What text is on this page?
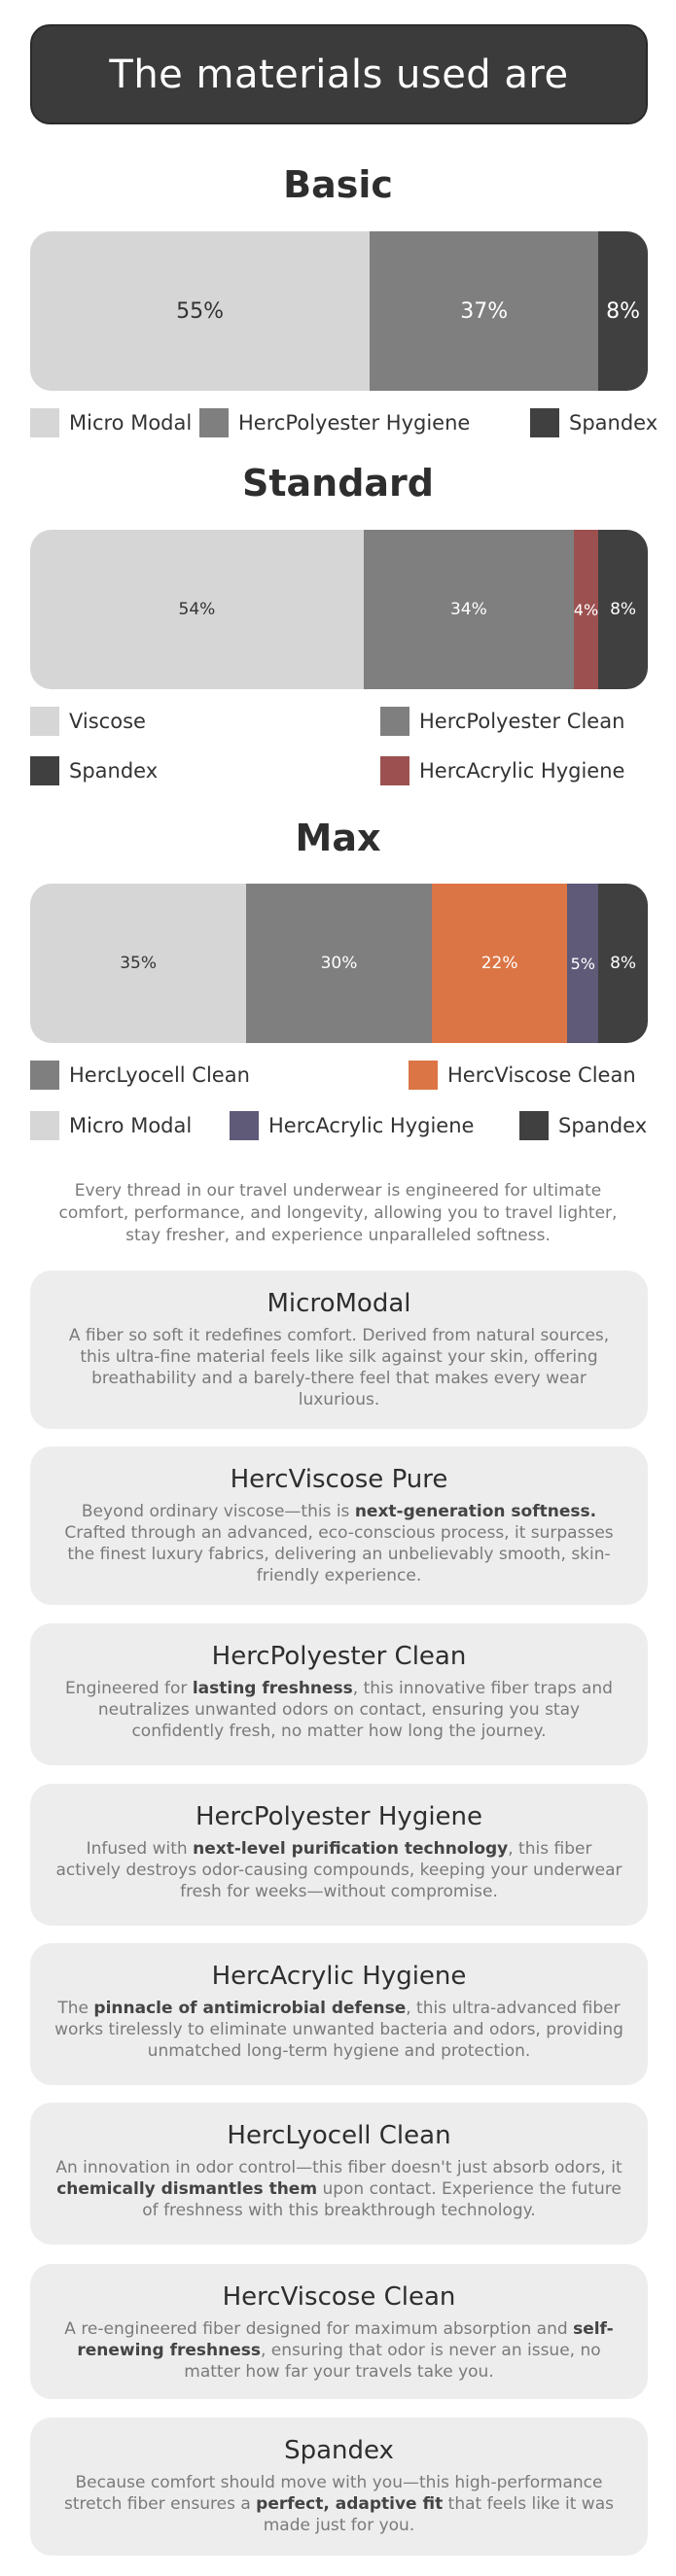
The materials used are
Basic
55%	37%	8%
Micro Modal HercPolyester Hygiene	Spandex
Standard
54%	34%	4% 8%
Viscose	HercPolyester Clean
Spandex	HercAcrylic Hygiene
Max
35%	30%	22%	5% 8%
HercLyocell Clean	HercViscose Clean
Micro Modal	HercAcrylic Hygiene	Spandex
Every thread in our travel underwear is engineered for ultimate comfort, performance, and longevity, allowing you to travel lighter, stay fresher, and experience unparalleled softness.
MicroModal

A fiber so soft it redefines comfort. Derived from natural sources, this ultra-fine material feels like silk against your skin, offering breathability and a barely-there feel that makes every wear luxurious.

HercViscose Pure

Beyond ordinary viscose—this is next-generation softness. Crafted through an advanced, eco-conscious process, it surpasses the finest luxury fabrics, delivering an unbelievably smooth, skin-friendly experience.

HercPolyester Clean

Engineered for lasting freshness, this innovative fiber traps and neutralizes unwanted odors on contact, ensuring you stay confidently fresh, no matter how long the journey.

HercPolyester Hygiene

Infused with next-level purification technology, this fiber actively destroys odor-causing compounds, keeping your underwear fresh for weeks—without compromise.

HercAcrylic Hygiene

The pinnacle of antimicrobial defense, this ultra-advanced fiber works tirelessly to eliminate unwanted bacteria and odors, providing unmatched long-term hygiene and protection.

HercLyocell Clean

An innovation in odor control—this fiber doesn't just absorb odors, it chemically dismantles them upon contact. Experience the future of freshness with this breakthrough technology.

HercViscose Clean

A re-engineered fiber designed for maximum absorption and self-renewing freshness, ensuring that odor is never an issue, no matter how far your travels take you.

Spandex

Because comfort should move with you—this high-performance stretch fiber ensures a perfect, adaptive fit that feels like it was made just for you.
